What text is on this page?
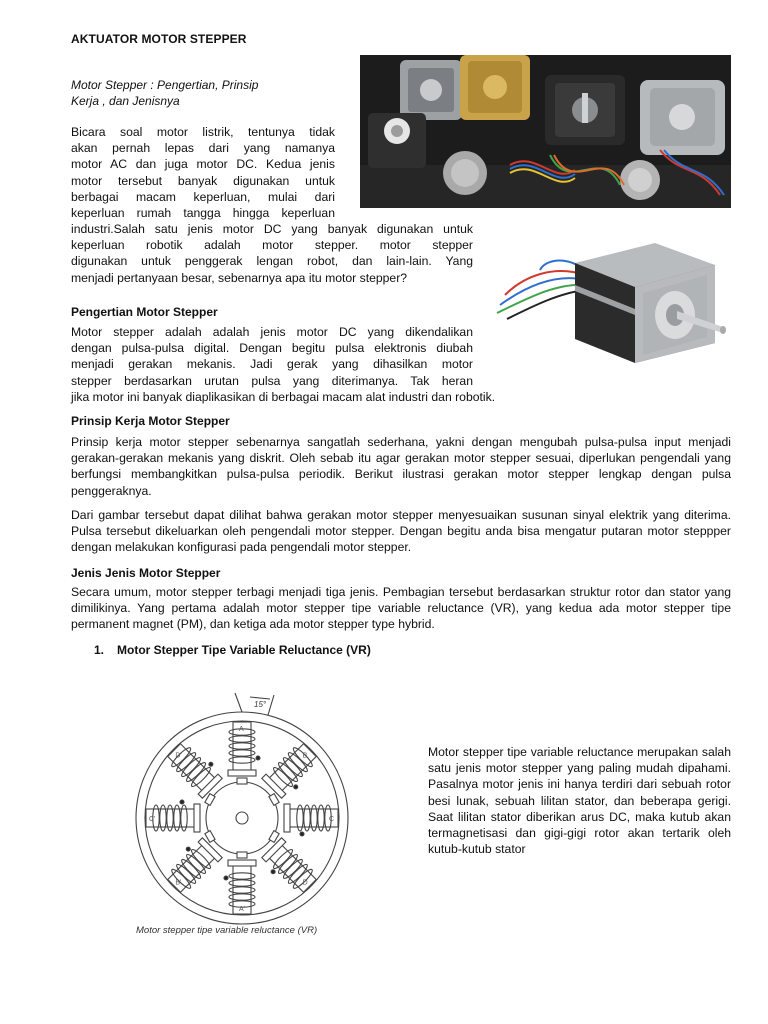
AKTUATOR MOTOR STEPPER
Motor Stepper : Pengertian, Prinsip
Kerja , dan Jenisnya

Bicara soal motor listrik, tentunya tidak

akan pernah lepas dari yang namanya

motor AC dan juga motor DC. Kedua jenis

motor tersebut banyak digunakan untuk

berbagai macam keperluan, mulai dari

keperluan rumah tangga hingga keperluan

industri.Salah satu jenis motor DC yang banyak digunakan untuk

keperluan robotik adalah motor stepper. motor stepper

digunakan untuk penggerak lengan robot, dan lain-lain. Yang

menjadi pertanyaan besar, sebenarnya apa itu motor stepper?

Pengertian Motor Stepper

Motor stepper adalah adalah jenis motor DC yang dikendalikan

dengan pulsa-pulsa digital. Dengan begitu pulsa elektronis diubah

menjadi gerakan mekanis. Jadi gerak yang dihasilkan motor

stepper berdasarkan urutan pulsa yang diterimanya. Tak heran

jika motor ini banyak diaplikasikan di berbagai macam alat industri dan robotik.
Prinsip Kerja Motor Stepper

Prinsip kerja motor stepper sebenarnya sangatlah sederhana, yakni dengan mengubah pulsa-pulsa input menjadi gerakan-gerakan mekanis yang diskrit. Oleh sebab itu agar gerakan motor stepper sesuai, diperlukan pengendali yang berfungsi membangkitkan pulsa-pulsa periodik. Berikut ilustrasi gerakan motor stepper lengkap dengan pulsa penggeraknya.

Dari gambar tersebut dapat dilihat bahwa gerakan motor stepper menyesuaikan susunan sinyal elektrik yang diterima. Pulsa tersebut dikeluarkan oleh pengendali motor stepper. Dengan begitu anda bisa mengatur putaran motor steppper dengan melakukan konfigurasi pada pengendali motor stepper.

Jenis Jenis Motor Stepper

Secara umum, motor stepper terbagi menjadi tiga jenis. Pembagian tersebut berdasarkan struktur rotor dan stator yang dimilikinya. Yang pertama adalah motor stepper tipe variable reluctance (VR), yang kedua ada motor stepper tipe permanent magnet (PM), dan ketiga ada motor stepper type hybrid.

1. Motor Stepper Tipe Variable Reluctance (VR)
15°
A
B
C
D
A'
B'
C'
D'
Motor stepper tipe variable reluctance (VR)

Motor stepper tipe variable reluctance merupakan salah satu jenis motor stepper yang paling mudah dipahami. Pasalnya motor jenis ini hanya terdiri dari sebuah rotor besi lunak, sebuah lilitan stator, dan beberapa gerigi. Saat lilitan stator diberikan arus DC, maka kutub akan termagnetisasi dan gigi-gigi rotor akan tertarik oleh kutub-kutub stator
